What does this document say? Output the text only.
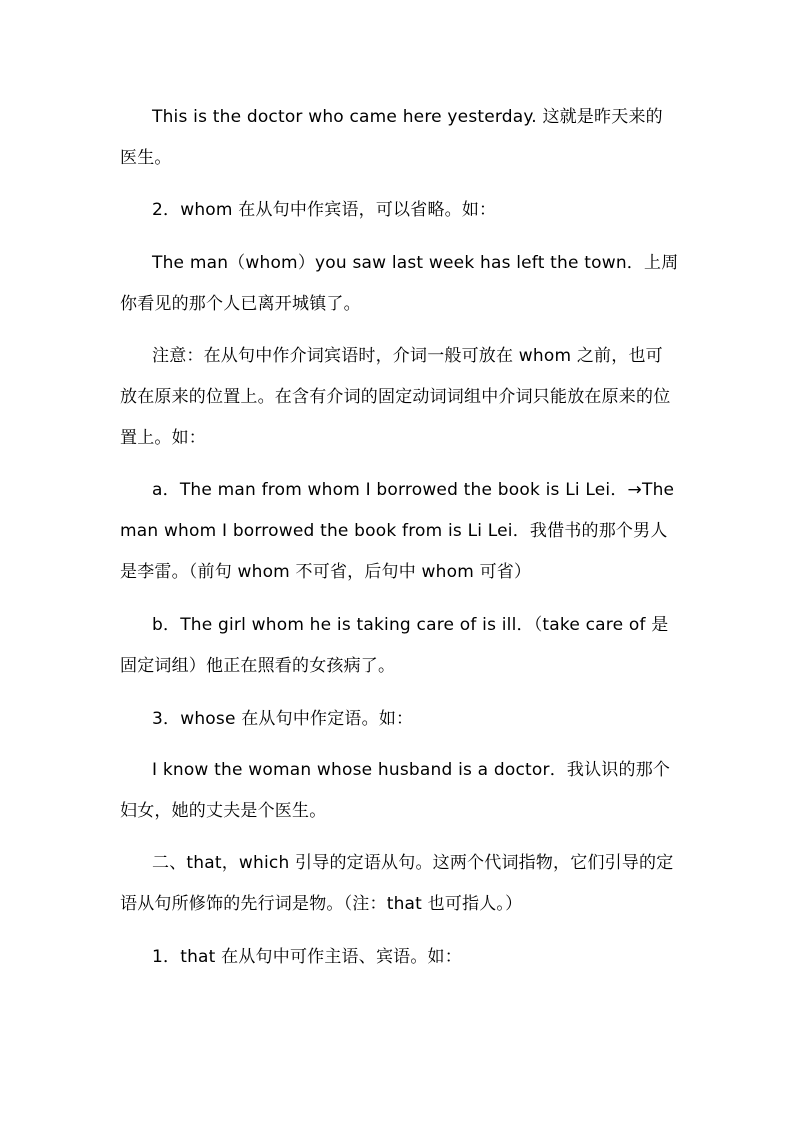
This is the doctor who came here yesterday. 这就是昨天来的医生。

2．whom 在从句中作宾语，可以省略。如：

The man（whom）you saw last week has left the town．上周你看见的那个人已离开城镇了。

注意：在从句中作介词宾语时，介词一般可放在 whom 之前，也可放在原来的位置上。在含有介词的固定动词词组中介词只能放在原来的位置上。如：

a．The man from whom I borrowed the book is Li Lei．→The man whom I borrowed the book from is Li Lei．我借书的那个男人是李雷。（前句 whom 不可省，后句中 whom 可省）

b．The girl whom he is taking care of is ill．（take care of 是固定词组）他正在照看的女孩病了。

3．whose 在从句中作定语。如：

I know the woman whose husband is a doctor．我认识的那个妇女，她的丈夫是个医生。

二、that，which 引导的定语从句。这两个代词指物，它们引导的定语从句所修饰的先行词是物。（注：that 也可指人。）

1．that 在从句中可作主语、宾语。如：
